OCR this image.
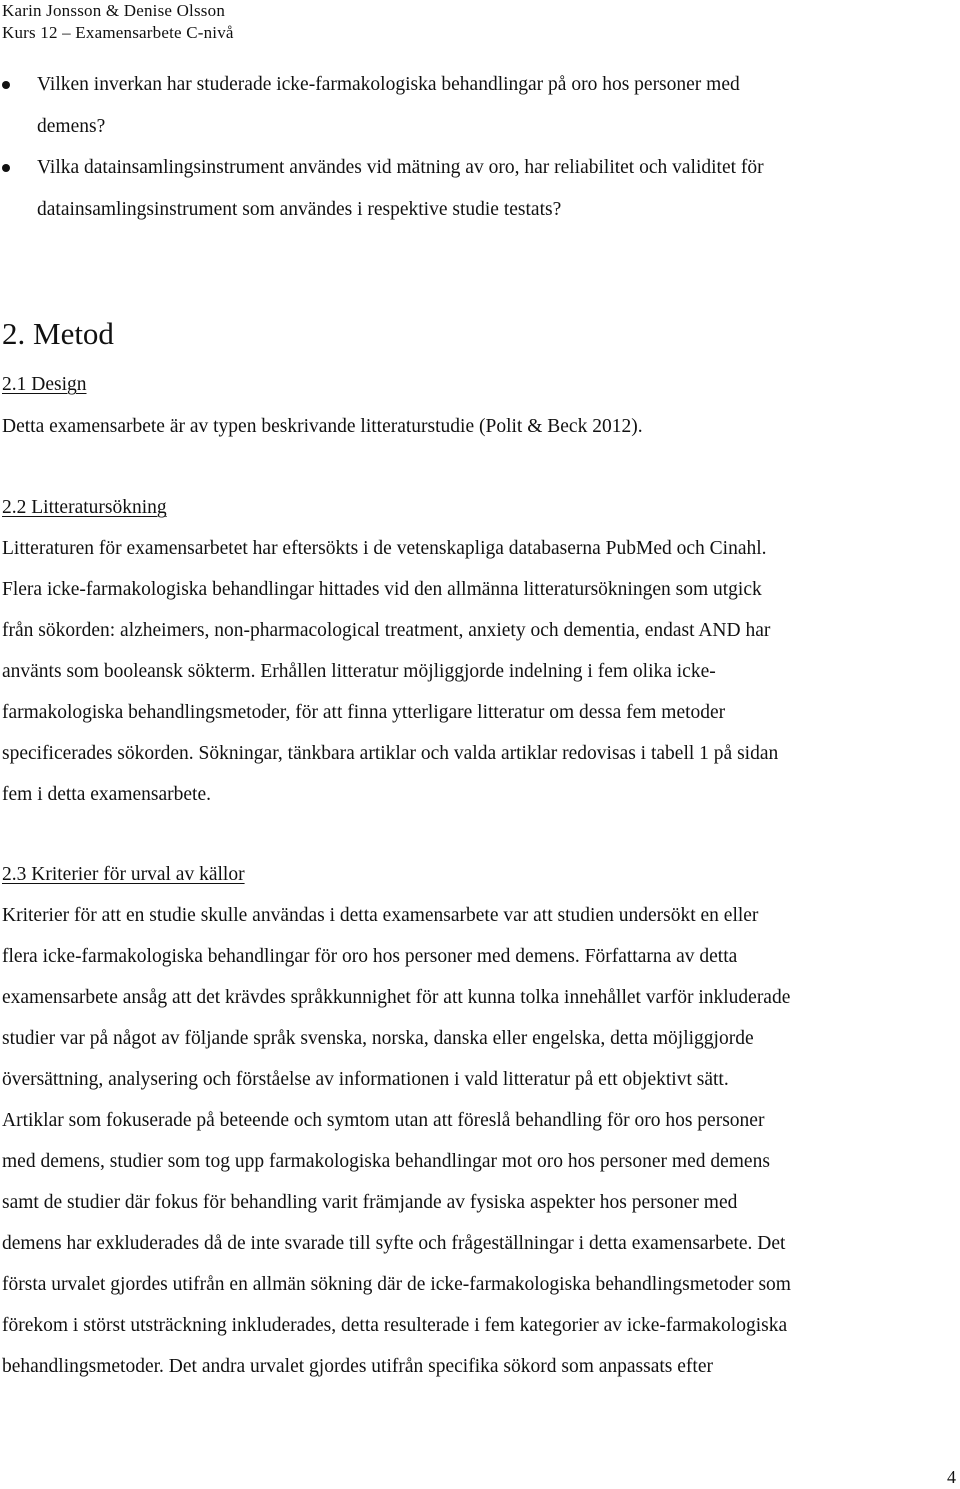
Karin Jonsson & Denise Olsson
Kurs 12 – Examensarbete C-nivå
Vilken inverkan har studerade icke-farmakologiska behandlingar på oro hos personer med
demens?
Vilka datainsamlingsinstrument användes vid mätning av oro, har reliabilitet och validitet för
datainsamlingsinstrument som användes i respektive studie testats?
2. Metod
2.1 Design
Detta examensarbete är av typen beskrivande litteraturstudie (Polit & Beck 2012).
2.2 Litteratursökning
Litteraturen för examensarbetet har eftersökts i de vetenskapliga databaserna PubMed och Cinahl.
Flera icke-farmakologiska behandlingar hittades vid den allmänna litteratursökningen som utgick
från sökorden: alzheimers, non-pharmacological treatment, anxiety och dementia, endast AND har
använts som booleansk sökterm. Erhållen litteratur möjliggjorde indelning i fem olika icke-
farmakologiska behandlingsmetoder, för att finna ytterligare litteratur om dessa fem metoder
specificerades sökorden. Sökningar, tänkbara artiklar och valda artiklar redovisas i tabell 1 på sidan
fem i detta examensarbete.
2.3 Kriterier för urval av källor
Kriterier för att en studie skulle användas i detta examensarbete var att studien undersökt en eller
flera icke-farmakologiska behandlingar för oro hos personer med demens. Författarna av detta
examensarbete ansåg att det krävdes språkkunnighet för att kunna tolka innehållet varför inkluderade
studier var på något av följande språk svenska, norska, danska eller engelska, detta möjliggjorde
översättning, analysering och förståelse av informationen i vald litteratur på ett objektivt sätt.
Artiklar som fokuserade på beteende och symtom utan att föreslå behandling för oro hos personer
med demens, studier som tog upp farmakologiska behandlingar mot oro hos personer med demens
samt de studier där fokus för behandling varit främjande av fysiska aspekter hos personer med
demens har exkluderades då de inte svarade till syfte och frågeställningar i detta examensarbete. Det
första urvalet gjordes utifrån en allmän sökning där de icke-farmakologiska behandlingsmetoder som
förekom i störst utsträckning inkluderades, detta resulterade i fem kategorier av icke-farmakologiska
behandlingsmetoder. Det andra urvalet gjordes utifrån specifika sökord som anpassats efter
4
